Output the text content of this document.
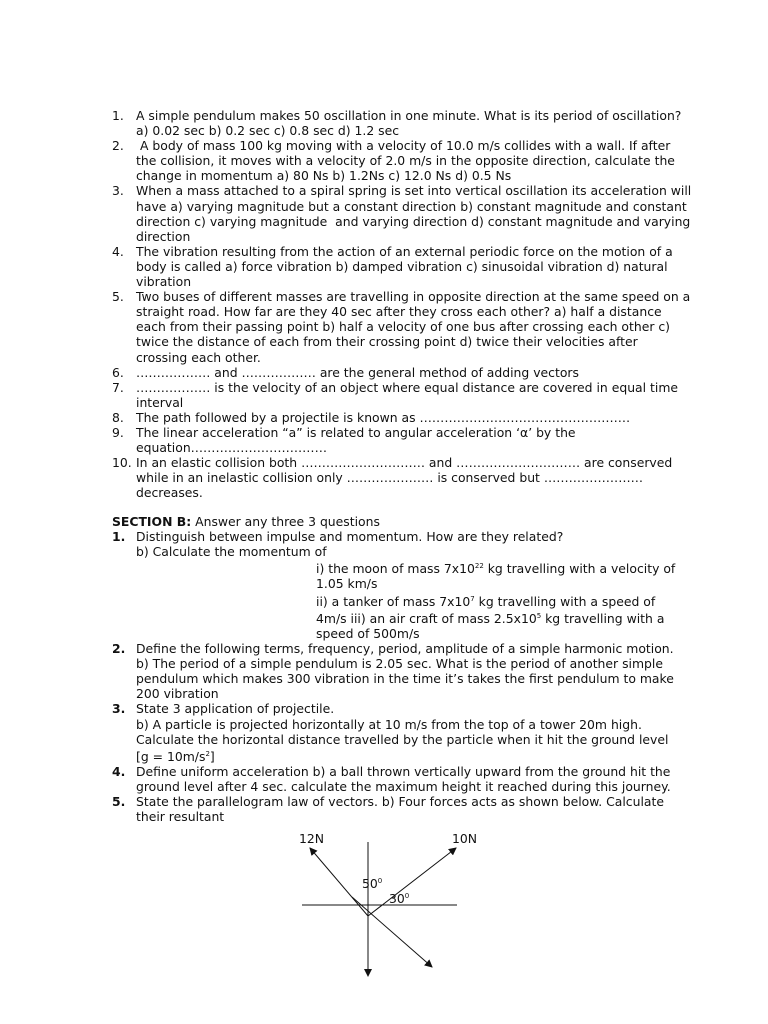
1. A simple pendulum makes 50 oscillation in one minute. What is its period of oscillation? a) 0.02 sec b) 0.2 sec c) 0.8 sec d) 1.2 sec
2. A body of mass 100 kg moving with a velocity of 10.0 m/s collides with a wall. If after the collision, it moves with a velocity of 2.0 m/s in the opposite direction, calculate the change in momentum a) 80 Ns b) 1.2Ns c) 12.0 Ns d) 0.5 Ns
3. When a mass attached to a spiral spring is set into vertical oscillation its acceleration will have a) varying magnitude but a constant direction b) constant magnitude and constant direction c) varying magnitude  and varying direction d) constant magnitude and varying direction
4. The vibration resulting from the action of an external periodic force on the motion of a body is called a) force vibration b) damped vibration c) sinusoidal vibration d) natural vibration
5. Two buses of different masses are travelling in opposite direction at the same speed on a straight road. How far are they 40 sec after they cross each other? a) half a distance each from their passing point b) half a velocity of one bus after crossing each other c) twice the distance of each from their crossing point d) twice their velocities after crossing each other.
6. ……………… and ……………… are the general method of adding vectors
7. ……………… is the velocity of an object where equal distance are covered in equal time interval
8. The path followed by a projectile is known as ……………………………………………
9. The linear acceleration “a” is related to angular acceleration ‘α’ by the equation……………………………
10. In an elastic collision both ………………………… and ………………………… are conserved while in an inelastic collision only ………………… is conserved but …………………… decreases.
SECTION B: Answer any three 3 questions
1. Distinguish between impulse and momentum. How are they related?
b) Calculate the momentum of
i) the moon of mass $7x10^{22}$ kg travelling with a velocity of 1.05 km/s
ii) a tanker of mass $7x10^7$ kg travelling with a speed of 4m/s iii) an air craft of mass $2.5x10^5$ kg travelling with a speed of 500m/s
2. Define the following terms, frequency, period, amplitude of a simple harmonic motion.
b) The period of a simple pendulum is 2.05 sec. What is the period of another simple pendulum which makes 300 vibration in the time it’s takes the first pendulum to make 200 vibration
3. State 3 application of projectile.
b) A particle is projected horizontally at 10 m/s from the top of a tower 20m high. Calculate the horizontal distance travelled by the particle when it hit the ground level
$[g = 10m/s^2]$
4. Define uniform acceleration b) a ball thrown vertically upward from the ground hit the ground level after 4 sec. calculate the maximum height it reached during this journey.
5. State the parallelogram law of vectors. b) Four forces acts as shown below. Calculate their resultant
12N	10N
$50^0$
$30^0$
